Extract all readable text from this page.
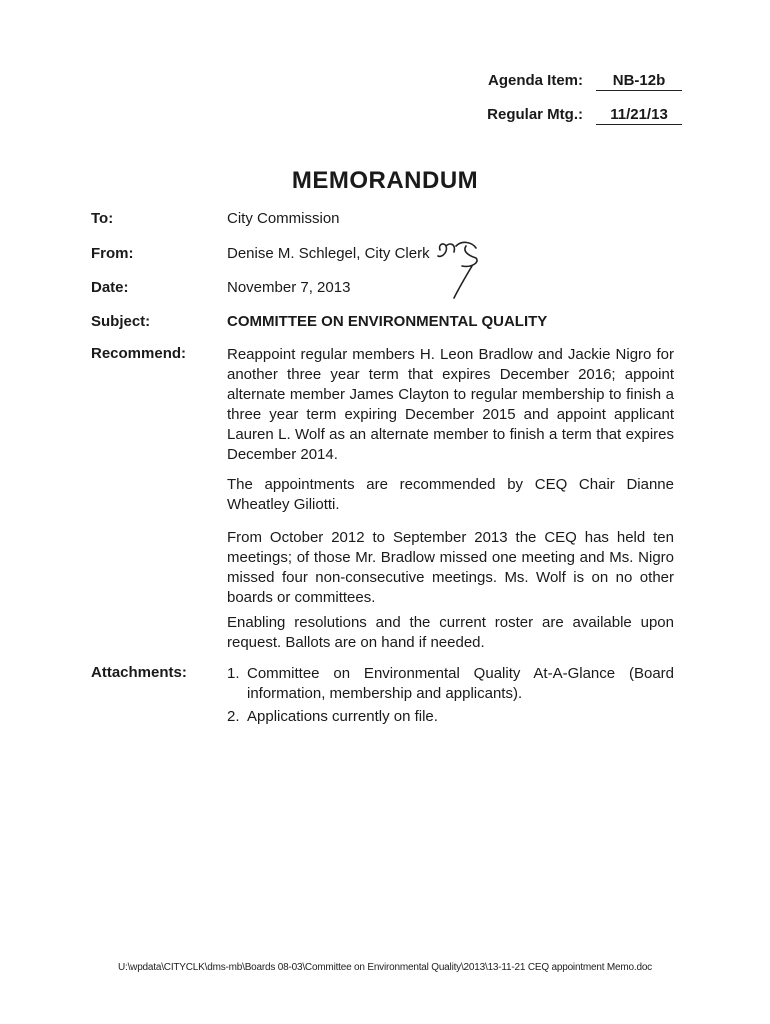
Agenda Item:	NB-12b
Regular Mtg.:	11/21/13
MEMORANDUM
To:	City Commission
From:	Denise M. Schlegel, City Clerk
Date:	November 7, 2013
Subject:	COMMITTEE ON ENVIRONMENTAL QUALITY
Recommend:	Reappoint regular members H. Leon Bradlow and Jackie Nigro for another three year term that expires December 2016; appoint alternate member James Clayton to regular membership to finish a three year term expiring December 2015 and appoint applicant Lauren L. Wolf as an alternate member to finish a term that expires December 2014.

The appointments are recommended by CEQ Chair Dianne Wheatley Giliotti.

From October 2012 to September 2013 the CEQ has held ten meetings; of those Mr. Bradlow missed one meeting and Ms. Nigro missed four non-consecutive meetings. Ms. Wolf is on no other boards or committees.

Enabling resolutions and the current roster are available upon request. Ballots are on hand if needed.

Attachments:	1. Committee on Environmental Quality At-A-Glance (Board information, membership and applicants).
2. Applications currently on file.
U:\wpdata\CITYCLK\dms-mb\Boards 08-03\Committee on Environmental Quality\2013\13-11-21 CEQ appointment Memo.doc
